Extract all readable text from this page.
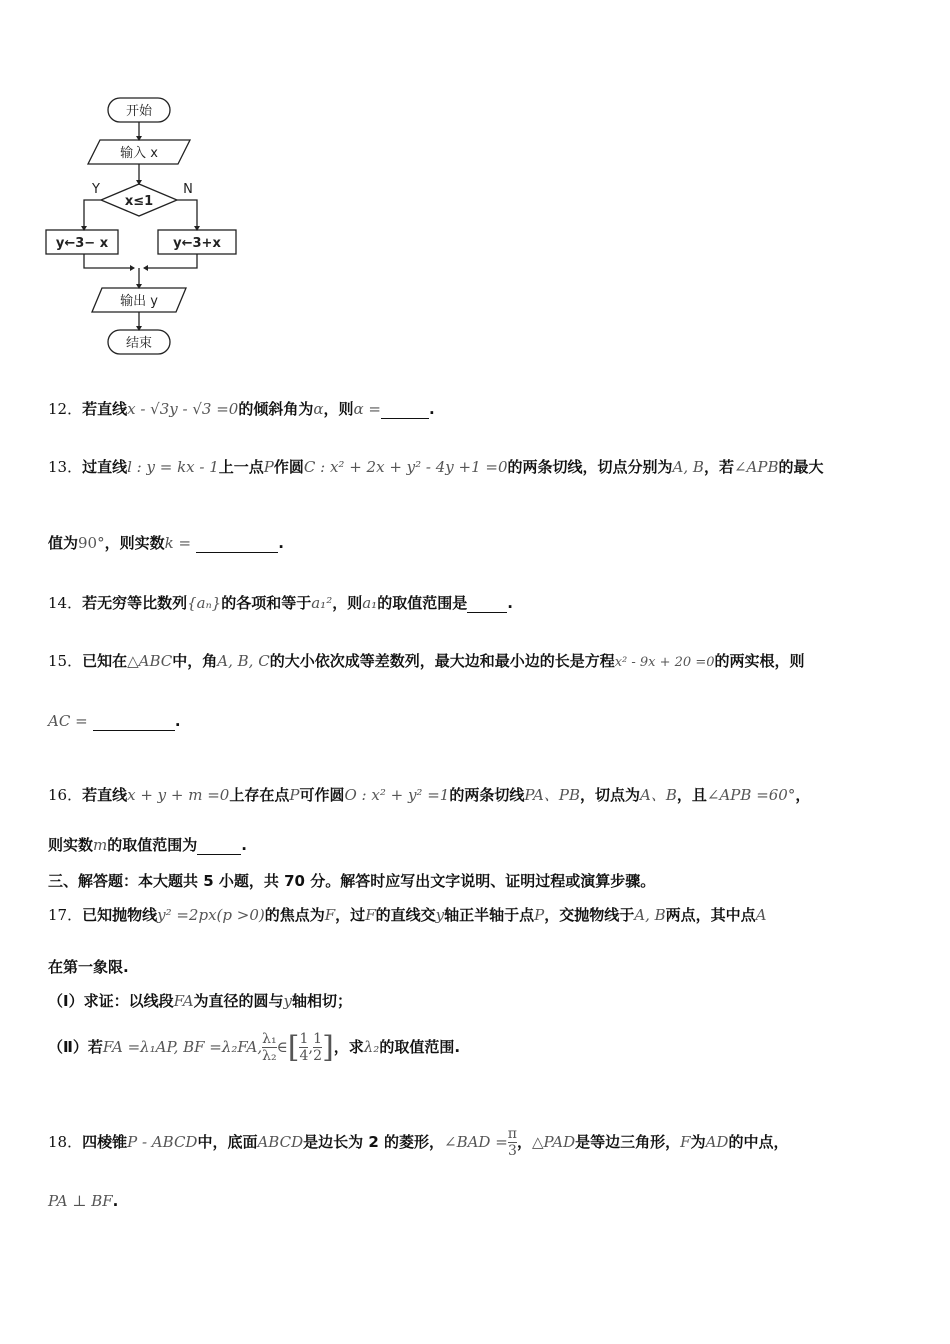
开始
输入 x
x≤1
Y	N
y←3− x	y←3+x
输出 y
结束
12．若直线x - √3y - √3 =0的倾斜角为α，则α =	.
13．过直线l : y = kx - 1上一点P作圆C : x² + 2x + y² - 4y +1 =0的两条切线，切点分别为A, B，若∠APB的最大
值为90°，则实数k =	.
14．若无穷等比数列{aₙ}的各项和等于a₁²，则a₁的取值范围是	.
15．已知在△ABC中，角A, B, C的大小依次成等差数列，最大边和最小边的长是方程x² - 9x + 20 =0的两实根，则
AC =	.
16．若直线x + y + m =0上存在点P可作圆O : x² + y² =1的两条切线PA、PB，切点为A、B，且∠APB =60°，
则实数m的取值范围为	.
三、解答题：本大题共 5 小题，共 70 分。解答时应写出文字说明、证明过程或演算步骤。
17．已知抛物线y² =2px(p >0)的焦点为F，过F的直线交y轴正半轴于点P，交抛物线于A, B两点，其中点A
在第一象限.
（Ⅰ）求证：以线段FA为直径的圆与y轴相切；
（Ⅱ）若FA =λ₁AP, BF =λ₂FA, $\frac{\text{λ₁}}{\text{λ₂}}$ ∈[ $\frac{1}{4}$ , $\frac{1}{2}$ ]，求λ₂的取值范围.
18．四棱锥P - ABCD中，底面ABCD是边长为 2 的菱形，∠BAD = $\frac{\pi}{3}$ ，△PAD是等边三角形，F为AD的中点，
PA ⊥ BF.
